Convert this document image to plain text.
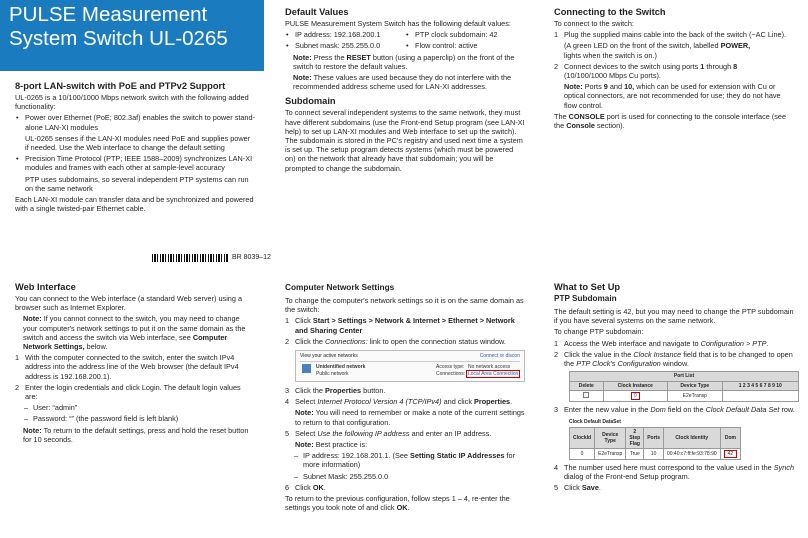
PULSE Measurement System Switch UL-0265
8-port LAN-switch with PoE and PTPv2 Support

UL-0265 is a 10/100/1000 Mbps network switch with the following added functionality:

• Power over Ethernet (PoE; 802.3af) enables the switch to power stand-alone LAN-XI modules

UL-0265 senses if the LAN-XI modules need PoE and supplies power if needed. Use the Web interface to change the default setting

• Precision Time Protocol (PTP; IEEE 1588–2009) synchronizes LAN-XI modules and frames with each other at sample-level accuracy

PTP uses subdomains, so several independent PTP systems can run on the same network

Each LAN-XI module can transfer data and be synchronized and powered with a single twisted-pair Ethernet cable.

BR 8039–12
Default Values

PULSE Measurement System Switch has the following default values:

• IP address: 192.168.200.1

• Subnet mask: 255.255.0.0

• PTP clock subdomain: 42

• Flow control: active

Note: Press the RESET button (using a paperclip) on the front of the switch to restore the default values.

Note: These values are used because they do not interfere with the recommended address scheme used for LAN-XI addresses.

Subdomain

To connect several independent systems to the same network, they must have different subdomains (use the Front-end Setup program (see LAN-XI help) to set up LAN-XI modules and Web interface to set up the switch). The subdomain is stored in the PC's registry and used next time a system is set up. The setup program detects systems (which must be powered on) on the network that already have that subdomain; you will be prompted to change the subdomain.

Connecting to the Switch

To connect to the switch:

1 Plug the supplied mains cable into the back of the switch (~AC Line).

(A green LED on the front of the switch, labelled POWER,
lights when the switch is on.)

2 Connect devices to the switch using ports 1 through 8
(10/100/1000 Mbps Cu ports).

Note: Ports 9 and 10, which can be used for extension with Cu or optical connectors, are not recommended for use; they do not have flow control.

The CONSOLE port is used for connecting to the console interface (see the Console section).

Web Interface

You can connect to the Web interface (a standard Web server) using a browser such as Internet Explorer.

Note: If you cannot connect to the switch, you may need to change your computer's network settings to put it on the same domain as the switch and access the switch via Web interface, see Computer Network Settings, below.

1 With the computer connected to the switch, enter the switch IPv4 address into the address line of the Web browser (the default IPv4 address is 192.168.200.1).

2 Enter the login credentials and click Login. The default login values are:

– User: “admin”

– Password: “” (the password field is left blank)

Note: To return to the default settings, press and hold the reset button for 10 seconds.

Computer Network Settings

To change the computer's network settings so it is on the same domain as the switch:

1 Click Start > Settings > Network & Internet > Ethernet > Network and Sharing Center

2 Click the Connections: link to open the connection status window.

View your active networks	Connect or discon
Unidentified network
Public network
Access type: No network access
Connections: Local Area Connection

3 Click the Properties button.

4 Select Internet Protocol Version 4 (TCP/IPv4) and click Properties.

Note: You will need to remember or make a note of the current settings to return to that configuration.

5 Select Use the following IP address and enter an IP address.

Note: Best practice is:

– IP address: 192.168.201.1. (See Setting Static IP Addresses for more information)

– Subnet Mask: 255.255.0.0

6 Click OK.

To return to the previous configuration, follow steps 1 – 4, re-enter the settings you took note of and click OK.

What to Set Up
PTP Subdomain

The default setting is 42, but you may need to change the PTP subdomain if you have several systems on the same network.

To change PTP subdomain:

1 Access the Web interface and navigate to Configuration > PTP.

2 Click the value in the Clock Instance field that is to be changed to open the PTP Clock's Configuration window.

Port List
Delete	Clock Instance	Device Type	1 2 3 4 5 6 7 8 9 10
	0	E2eTransp	

3 Enter the new value in the Dom field on the Clock Default Data Set row.

Clock Default DataSet
ClockId	Device Type	2 Step Flag	Ports	Clock Identity	Dom
0	E2eTransp	True	10	00:40:c7:ff:fe:93:78:90	42

4 The number used here must correspond to the value used in the Synch dialog of the Front-end Setup program.

5 Click Save.
